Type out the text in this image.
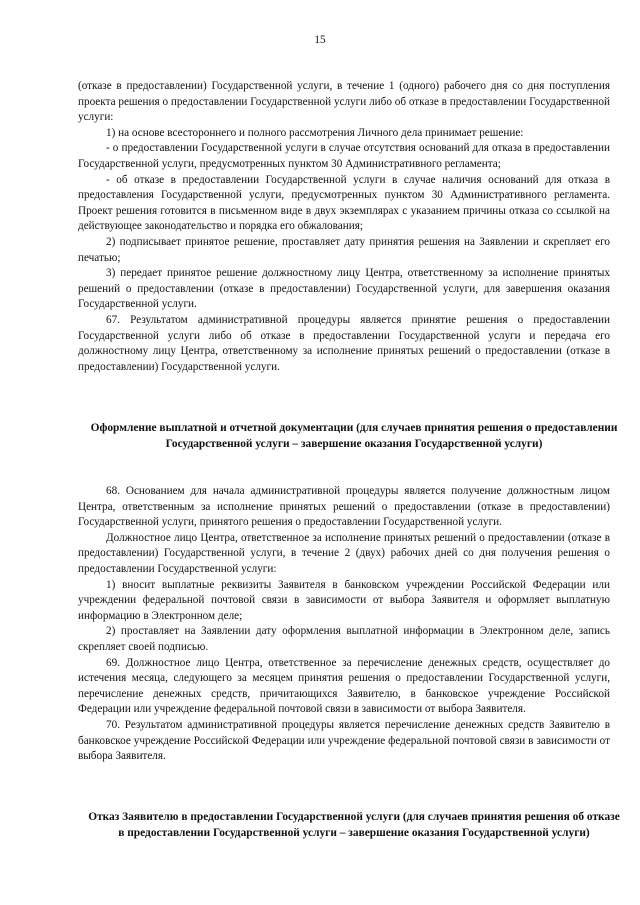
15

(отказе в предоставлении) Государственной услуги, в течение 1 (одного) рабочего дня со дня поступления проекта решения о предоставлении Государственной услуги либо об отказе в предоставлении Государственной услуги:

1) на основе всестороннего и полного рассмотрения Личного дела принимает решение:

- о предоставлении Государственной услуги в случае отсутствия оснований для отказа в предоставлении Государственной услуги, предусмотренных пунктом 30 Административного регламента;

- об отказе в предоставлении Государственной услуги в случае наличия оснований для отказа в предоставления Государственной услуги, предусмотренных пунктом 30 Административного регламента. Проект решения готовится в письменном виде в двух экземплярах с указанием причины отказа со ссылкой на действующее законодательство и порядка его обжалования;

2) подписывает принятое решение, проставляет дату принятия решения на Заявлении и скрепляет его печатью;

3) передает принятое решение должностному лицу Центра, ответственному за исполнение принятых решений о предоставлении (отказе в предоставлении) Государственной услуги, для завершения оказания Государственной услуги.

67. Результатом административной процедуры является принятие решения о предоставлении Государственной услуги либо об отказе в предоставлении Государственной услуги и передача его должностному лицу Центра, ответственному за исполнение принятых решений о предоставлении (отказе в предоставлении) Государственной услуги.

Оформление выплатной и отчетной документации (для случаев принятия решения о предоставлении Государственной услуги – завершение оказания Государственной услуги)

68. Основанием для начала административной процедуры является получение должностным лицом Центра, ответственным за исполнение принятых решений о предоставлении (отказе в предоставлении) Государственной услуги, принятого решения о предоставлении Государственной услуги.

Должностное лицо Центра, ответственное за исполнение принятых решений о предоставлении (отказе в предоставлении) Государственной услуги, в течение 2 (двух) рабочих дней со дня получения решения о предоставлении Государственной услуги:

1) вносит выплатные реквизиты Заявителя в банковском учреждении Российской Федерации или учреждении федеральной почтовой связи в зависимости от выбора Заявителя и оформляет выплатную информацию в Электронном деле;

2) проставляет на Заявлении дату оформления выплатной информации в Электронном деле, запись скрепляет своей подписью.

69. Должностное лицо Центра, ответственное за перечисление денежных средств, осуществляет до истечения месяца, следующего за месяцем принятия решения о предоставлении Государственной услуги, перечисление денежных средств, причитающихся Заявителю, в банковское учреждение Российской Федерации или учреждение федеральной почтовой связи в зависимости от выбора Заявителя.

70. Результатом административной процедуры является перечисление денежных средств Заявителю в банковское учреждение Российской Федерации или учреждение федеральной почтовой связи в зависимости от выбора Заявителя.

Отказ Заявителю в предоставлении Государственной услуги (для случаев принятия решения об отказе в предоставлении Государственной услуги – завершение оказания Государственной услуги)
